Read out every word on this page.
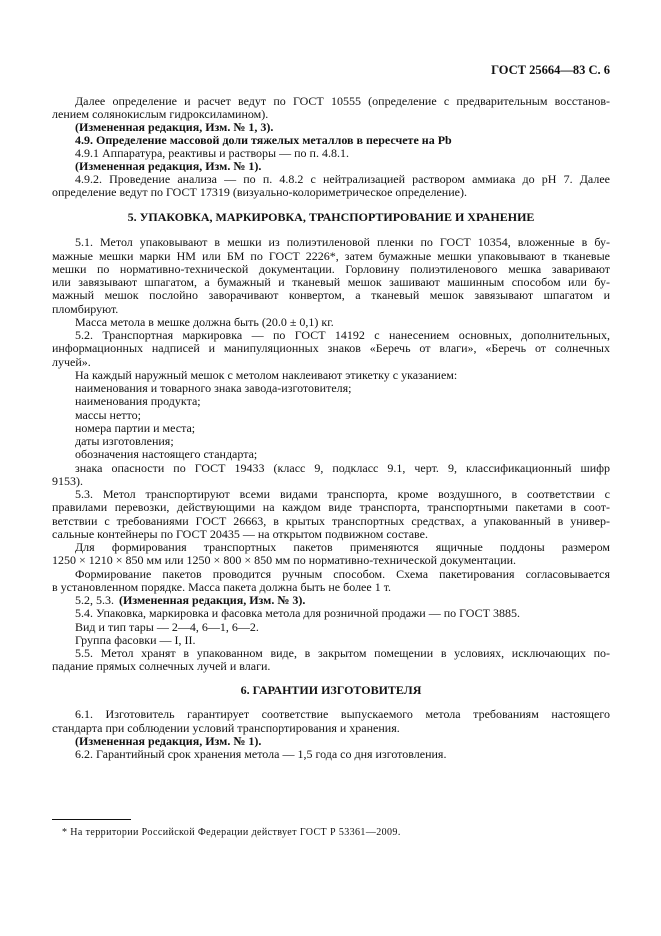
ГОСТ 25664—83 С. 6
Далее определение и расчет ведут по ГОСТ 10555 (определение с предварительным восстанов-
лением солянокислым гидроксиламином).
(Измененная редакция, Изм. № 1, 3).
4.9. Определение массовой доли тяжелых металлов в пересчете на Pb
4.9.1 Аппаратура, реактивы и растворы — по п. 4.8.1.
(Измененная редакция, Изм. № 1).
4.9.2. Проведение анализа — по п. 4.8.2 с нейтрализацией раствором аммиака до pH 7. Далее
определение ведут по ГОСТ 17319 (визуально-колориметрическое определение).
5. УПАКОВКА, МАРКИРОВКА, ТРАНСПОРТИРОВАНИЕ И ХРАНЕНИЕ
5.1. Метол упаковывают в мешки из полиэтиленовой пленки по ГОСТ 10354, вложенные в бу-
мажные мешки марки НМ или БМ по ГОСТ 2226*, затем бумажные мешки упаковывают в тканевые
мешки по нормативно-технической документации. Горловину полиэтиленового мешка заваривают
или завязывают шпагатом, а бумажный и тканевый мешок зашивают машинным способом или бу-
мажный мешок послойно заворачивают конвертом, а тканевый мешок завязывают шпагатом и
пломбируют.
Масса метола в мешке должна быть (20.0 ± 0,1) кг.
5.2. Транспортная маркировка — по ГОСТ 14192 с нанесением основных, дополнительных,
информационных надписей и манипуляционных знаков «Беречь от влаги», «Беречь от солнечных
лучей».
На каждый наружный мешок с метолом наклеивают этикетку с указанием:
наименования и товарного знака завода-изготовителя;
наименования продукта;
массы нетто;
номера партии и места;
даты изготовления;
обозначения настоящего стандарта;
знака опасности по ГОСТ 19433 (класс 9, подкласс 9.1, черт. 9, классификационный шифр
9153).
5.3. Метол транспортируют всеми видами транспорта, кроме воздушного, в соответствии с
правилами перевозки, действующими на каждом виде транспорта, транспортными пакетами в соот-
ветствии с требованиями ГОСТ 26663, в крытых транспортных средствах, а упакованный в универ-
сальные контейнеры по ГОСТ 20435 — на открытом подвижном составе.
Для формирования транспортных пакетов применяются ящичные поддоны размером
1250 × 1210 × 850 мм или 1250 × 800 × 850 мм по нормативно-технической документации.
Формирование пакетов проводится ручным способом. Схема пакетирования согласовывается
в установленном порядке. Масса пакета должна быть не более 1 т.
5.2, 5.3. (Измененная редакция, Изм. № 3).
5.4. Упаковка, маркировка и фасовка метола для розничной продажи — по ГОСТ 3885.
Вид и тип тары — 2—4, 6—1, 6—2.
Группа фасовки — I, II.
5.5. Метол хранят в упакованном виде, в закрытом помещении в условиях, исключающих по-
падание прямых солнечных лучей и влаги.
6. ГАРАНТИИ ИЗГОТОВИТЕЛЯ
6.1. Изготовитель гарантирует соответствие выпускаемого метола требованиям настоящего
стандарта при соблюдении условий транспортирования и хранения.
(Измененная редакция, Изм. № 1).
6.2. Гарантийный срок хранения метола — 1,5 года со дня изготовления.
* На территории Российской Федерации действует ГОСТ Р 53361—2009.
